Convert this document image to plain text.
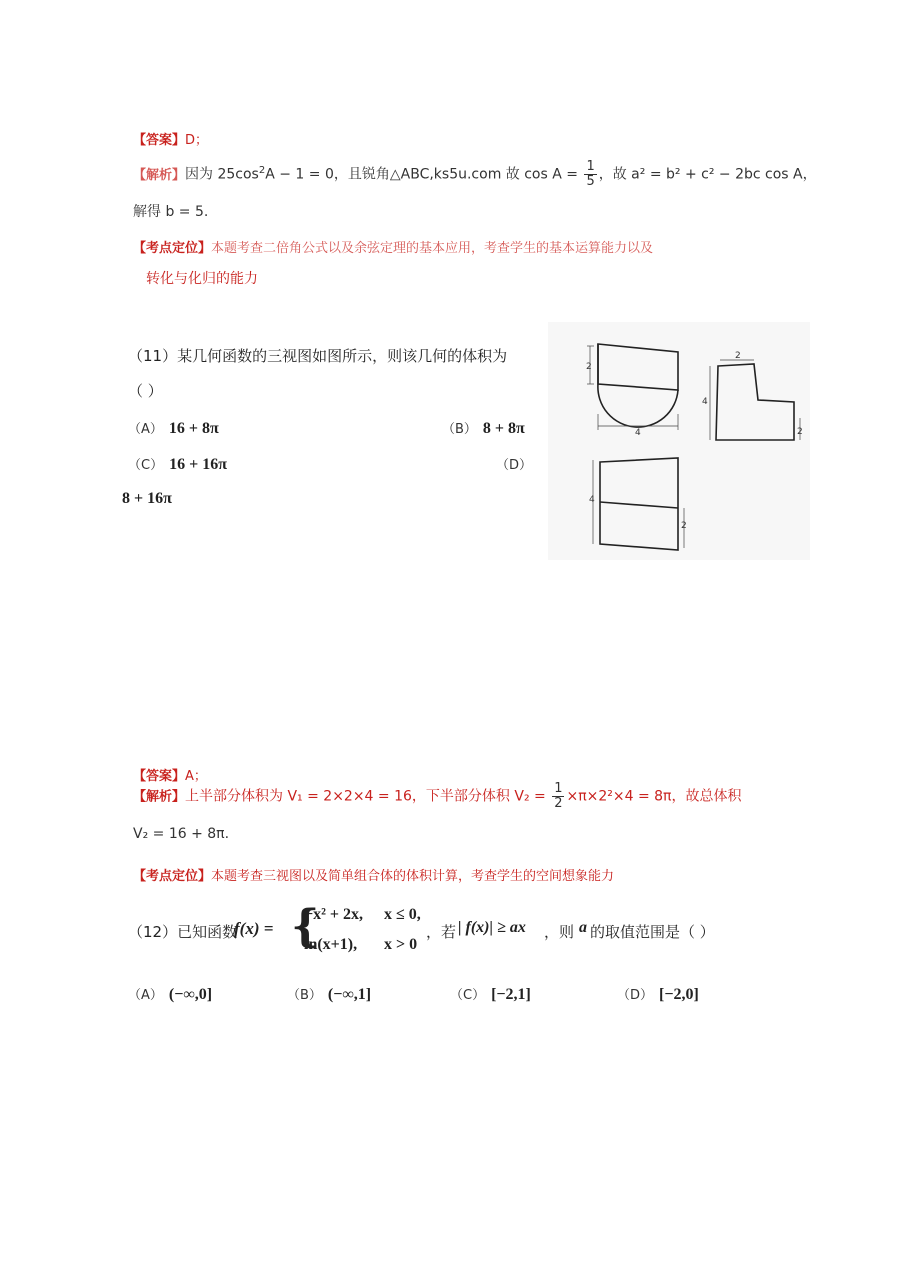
【答案】D；
【解析】因为 $25\cos^2A - 1 = 0$，且锐角△ABC,ks5u.com 故 $\cos A = \frac{1}{5}$ ，故 a² = b² + c² − 2bc cos A，
解得 b = 5.
【考点定位】本题考查二倍角公式以及余弦定理的基本应用，考查学生的基本运算能力以及
转化与化归的能力
（11）某几何函数的三视图如图所示，则该几何的体积为
（ ）
（A） 16 + 8π	（B） 8 + 8π
（C） 16 + 16π	（D）
8 + 16π
2
4
2
4
2
4
2
【答案】A；
【解析】上半部分体积为 V₁ = 2×2×4 = 16，下半部分体积 $V_2 = \frac{1}{2} \times\pi\times 2^2\times 4 = 8\pi$，故总体积
V₂ = 16 + 8π.
【考点定位】本题考查三视图以及简单组合体的体积计算，考查学生的空间想象能力
（12）已知函数
f(x) = {
−x² + 2x, x ≤ 0,
ln(x+1), x > 0
，若 | f(x)| ≥ ax ，则 a 的取值范围是（ ）
（A） (−∞,0]	（B） (−∞,1]	（C） [−2,1]	（D） [−2,0]
